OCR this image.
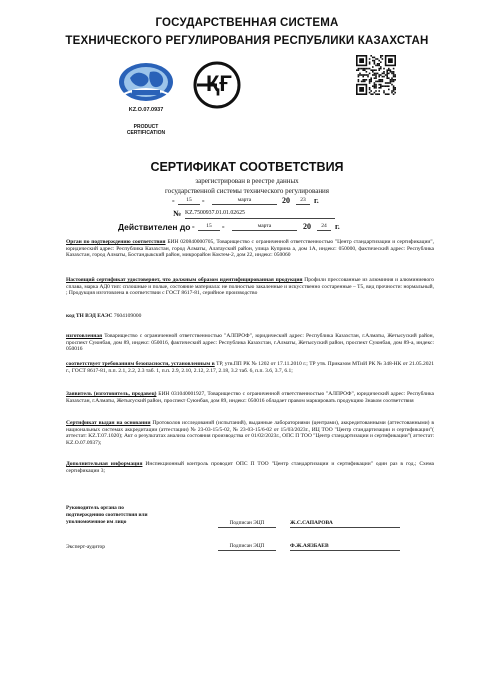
ГОСУДАРСТВЕННАЯ СИСТЕМА
ТЕХНИЧЕСКОГО РЕГУЛИРОВАНИЯ РЕСПУБЛИКИ КАЗАХСТАН
KZ.O.07.0937
PRODUCT
CERTIFICATION
ҚҒ
СЕРТИФИКАТ СООТВЕТСТВИЯ
зарегистрирован в реестре данных
государственной системы технического регулирования
«	15	»	марта	20	23	г.
№ KZ.7500937.01.01.02625
Действителен до «	15	»	марта	20	24	г.
Орган по подтверждению соответствия БИН 020840000705, Товарищество с ограниченной ответственностью "Центр стандартизации и сертификации", юридический адрес: Республика Казахстан, город Алматы, Алатауский район, улица Куприна а, дом 1А, индекс: 050000, фактический адрес: Республика Казахстан, город Алматы, Бостандыкский район, микрорайон Коктем-2, дом 22, индекс: 050060
Настоящий сертификат удостоверяет, что должным образом идентифицированная продукция Профили прессованные из алюминия и алюминиевого сплава, марка АД0 тип: сплошные и полые, состояние материала: не полностью закаленные и искусственно состаренные – Т5, вид прочности: нормальный, ; Продукция изготовлена в соответствии с ГОСТ 8617-81, серийное производство
код ТН ВЭД ЕАЭС 7604109000
изготовленная Товарищество с ограниченной ответственностью "АЛПРОФ", юридический адрес: Республика Казахстан, г.Алматы, Жетысуский район, проспект Суюнбая, дом 89, индекс: 050016, фактический адрес: Республика Казахстан, г.Алматы, Жетысуский район, проспект Суюнбая, дом 89-а, индекс: 050016
соответствует требованиям безопасности, установленным в ТР, утв.ПП РК № 1202 от 17.11.2010 г.; ТР утв. Приказом МТиИ РК № 348-НК от 21.05.2021 г., ГОСТ 8617-81, п.п. 2.1, 2.2, 2.3 таб. 1, п.п. 2.9, 2.10, 2.12, 2.17, 2.18, 3.2 таб. 6, п.п. 3.6, 3.7, 6.1;
Заявитель (изготовитель, продавец) БИН 031040001927, Товарищество с ограниченной ответственностью "АЛПРОФ", юридический адрес: Республика Казахстан, г.Алматы, Жетысуский район, проспект Суюнбая, дом 89, индекс: 050016 обладает правом маркировать продукцию Знаком соответствия
Сертификат выдан на основании Протоколов исследований (испытаний), выданные лабораториями (центрами), аккредитованными (аттестованными) в национальных системах аккредитации (аттестации) № 23-03-15/5-02, № 23-03-15/6-02 от 15/03/2023г., ИЦ ТОО "Центр стандартизации и сертификации"( аттестат: KZ.T.07.1020); Акт о результатах анализа состояния производства от 01/02/2023г., ОПС П ТОО "Центр стандартизации и сертификации"( аттестат: KZ.O.07.0937);
Дополнительная информация Инспекционный контроль проводит ОПС П ТОО "Центр стандартизации и сертификации" один раз в год.; Схема сертификации 3;
Руководитель органа по
подтверждению соответствия или
уполномоченное им лицо	Подписан ЭЦП	Ж.С.САПАРОВА
Эксперт-аудитор	Подписан ЭЦП	Ф.Ж.АЯЗБАЕВ
